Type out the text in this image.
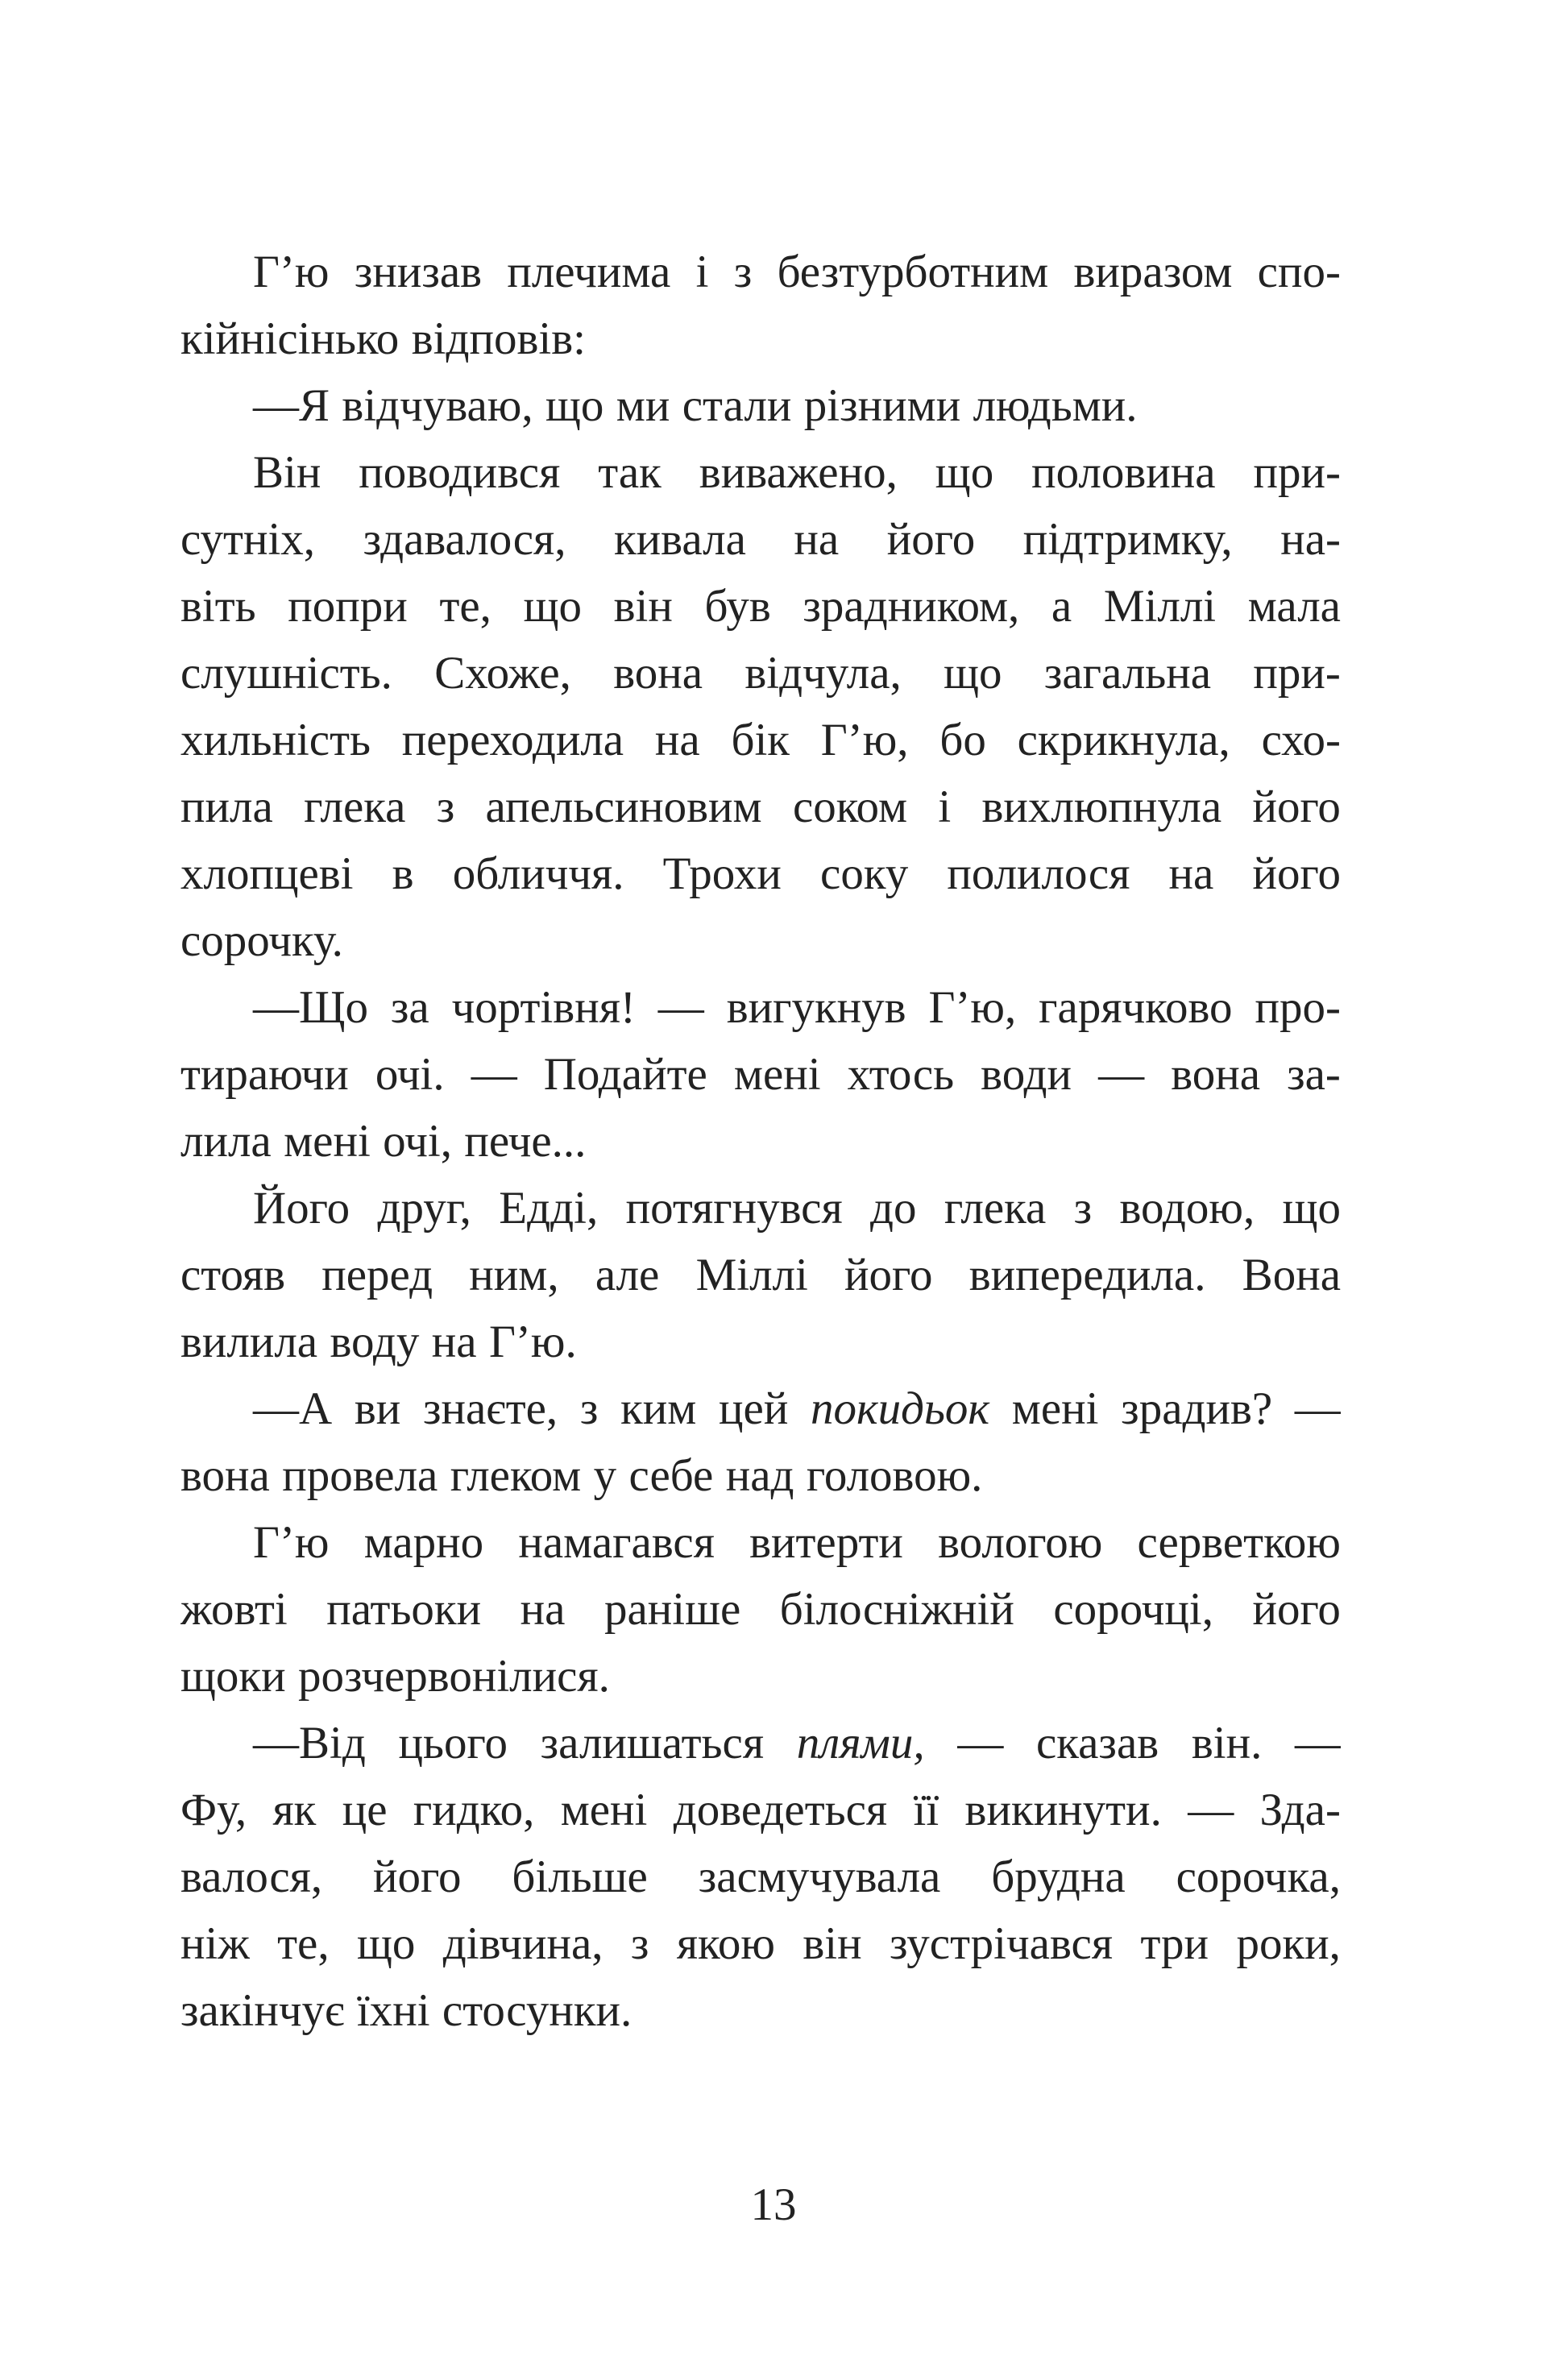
Г’ю знизав плечима і з безтурботним виразом спо-
кійнісінько відповів:
—Я відчуваю, що ми стали різними людьми.
Він поводився так виважено, що половина при-
сутніх, здавалося, кивала на його підтримку, на-
віть попри те, що він був зрадником, а Міллі мала
слушність. Схоже, вона відчула, що загальна при-
хильність переходила на бік Г’ю, бо скрикнула, схо-
пила глека з апельсиновим соком і вихлюпнула його
хлопцеві в обличчя. Трохи соку полилося на його
сорочку.
—Що за чортівня! — вигукнув Г’ю, гарячково про-
тираючи очі. — Подайте мені хтось води — вона за-
лила мені очі, пече...
Його друг, Едді, потягнувся до глека з водою, що
стояв перед ним, але Міллі його випередила. Вона
вилила воду на Г’ю.
—А ви знаєте, з ким цей покидьок мені зрадив? —
вона провела глеком у себе над головою.
Г’ю марно намагався витерти вологою серветкою
жовті патьоки на раніше білосніжній сорочці, його
щоки розчервонілися.
—Від цього залишаться плями, — сказав він. —
Фу, як це гидко, мені доведеться її викинути. — Зда-
валося, його більше засмучувала брудна сорочка,
ніж те, що дівчина, з якою він зустрічався три роки,
закінчує їхні стосунки.
13
